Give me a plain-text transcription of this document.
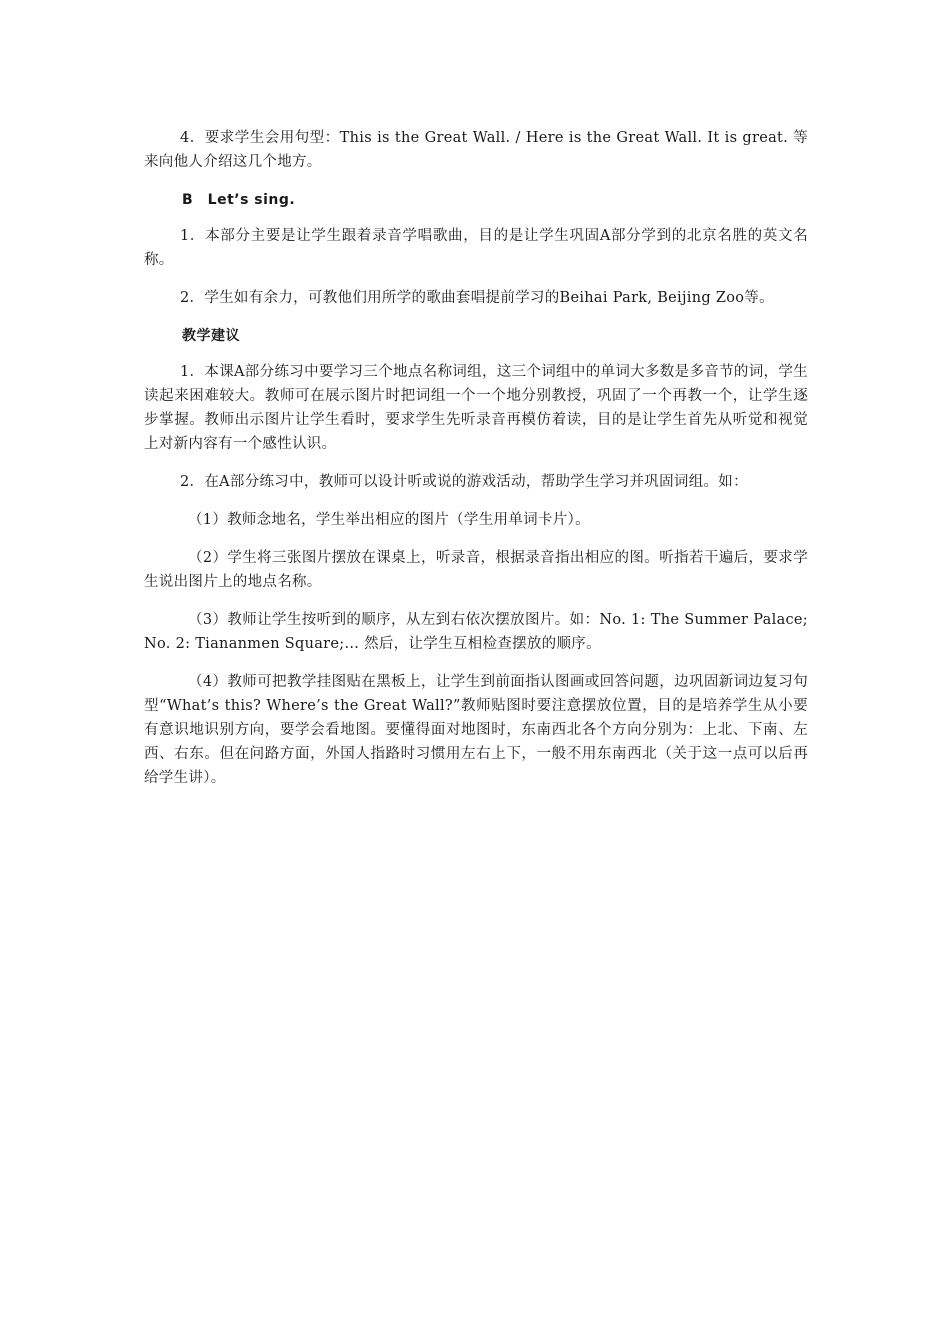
4．要求学生会用句型：This is the Great Wall. / Here is the Great Wall. It is great. 等来向他人介绍这几个地方。

B　Let’s sing.

1．本部分主要是让学生跟着录音学唱歌曲，目的是让学生巩固A部分学到的北京名胜的英文名称。

2．学生如有余力，可教他们用所学的歌曲套唱提前学习的Beihai Park, Beijing Zoo等。

教学建议

1．本课A部分练习中要学习三个地点名称词组，这三个词组中的单词大多数是多音节的词，学生读起来困难较大。教师可在展示图片时把词组一个一个地分别教授，巩固了一个再教一个，让学生逐步掌握。教师出示图片让学生看时，要求学生先听录音再模仿着读，目的是让学生首先从听觉和视觉上对新内容有一个感性认识。

2．在A部分练习中，教师可以设计听或说的游戏活动，帮助学生学习并巩固词组。如：

（1）教师念地名，学生举出相应的图片（学生用单词卡片）。

（2）学生将三张图片摆放在课桌上，听录音，根据录音指出相应的图。听指若干遍后，要求学生说出图片上的地点名称。

（3）教师让学生按听到的顺序，从左到右依次摆放图片。如：No. 1: The Summer Palace; No. 2: Tiananmen Square;... 然后，让学生互相检查摆放的顺序。

（4）教师可把教学挂图贴在黑板上，让学生到前面指认图画或回答问题，边巩固新词边复习句型“What’s this? Where’s the Great Wall?”教师贴图时要注意摆放位置，目的是培养学生从小要有意识地识别方向，要学会看地图。要懂得面对地图时，东南西北各个方向分别为：上北、下南、左西、右东。但在问路方面，外国人指路时习惯用左右上下，一般不用东南西北（关于这一点可以后再给学生讲）。
